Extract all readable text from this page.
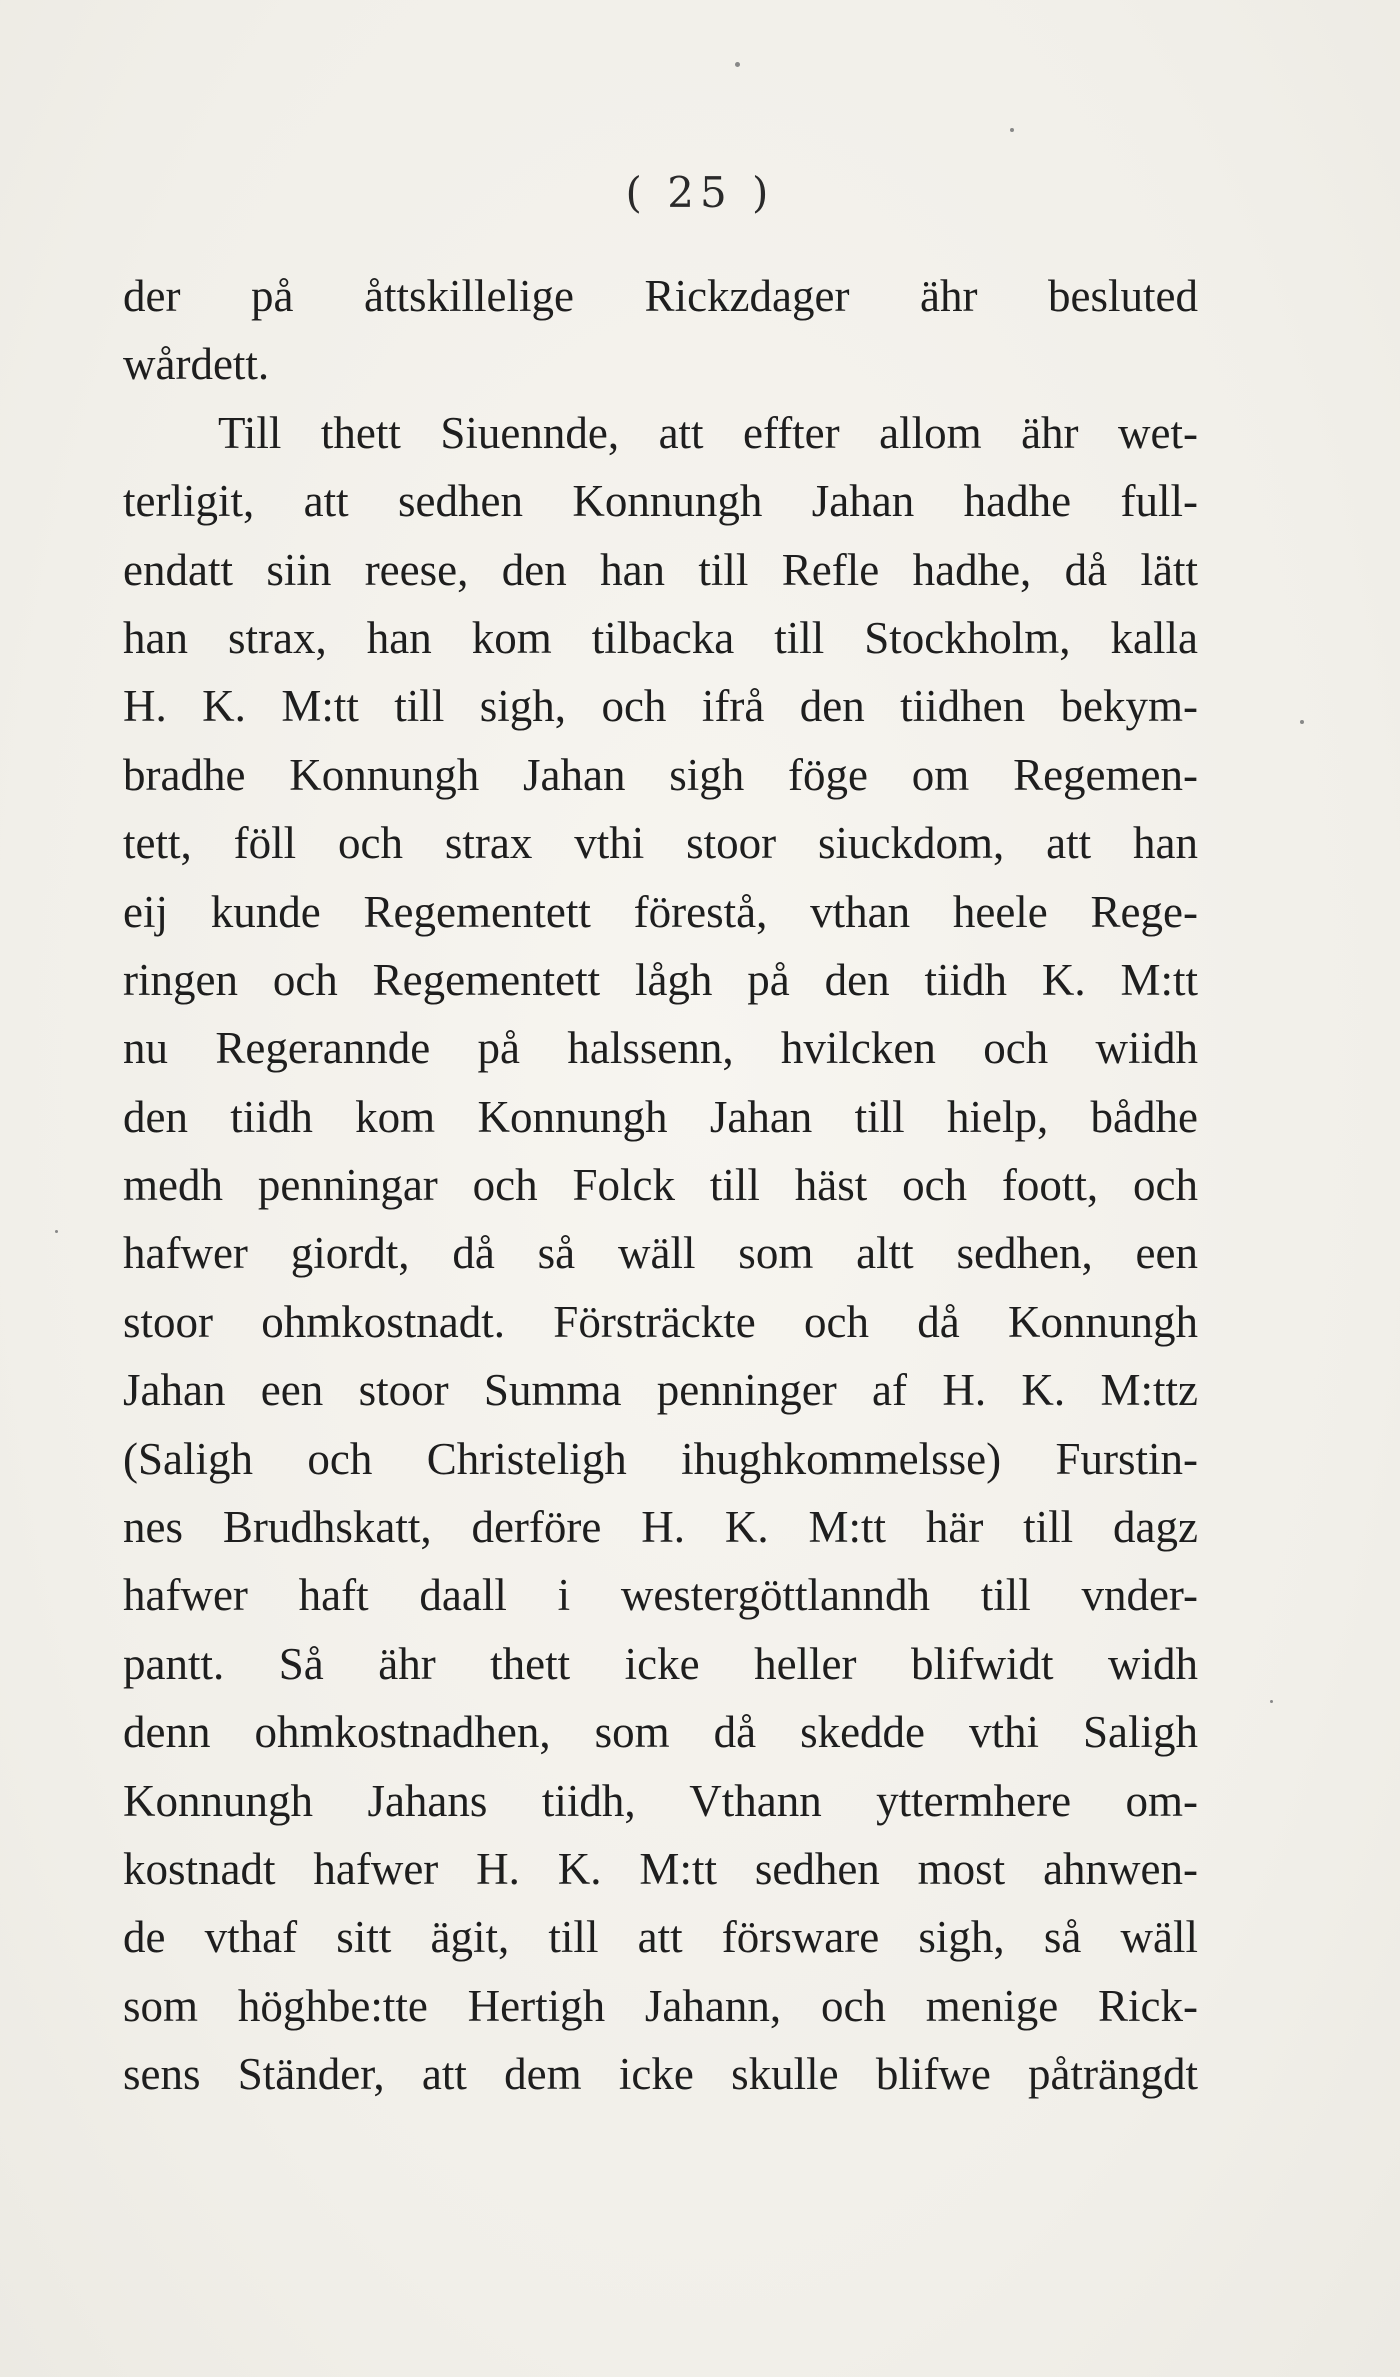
( 25 )
der på åttskillelige Rickzdager ähr besluted
wårdett.
Till thett Siuennde, att effter allom ähr wet-
terligit, att sedhen Konnungh Jahan hadhe full-
endatt siin reese, den han till Refle hadhe, då lätt
han strax, han kom tilbacka till Stockholm, kalla
H. K. M:tt till sigh, och ifrå den tiidhen bekym-
bradhe Konnungh Jahan sigh föge om Regemen-
tett, föll och strax vthi stoor siuckdom, att han
eij kunde Regementett förestå, vthan heele Rege-
ringen och Regementett lågh på den tiidh K. M:tt
nu Regerannde på halssenn, hvilcken och wiidh
den tiidh kom Konnungh Jahan till hielp, bådhe
medh penningar och Folck till häst och foott, och
hafwer giordt, då så wäll som altt sedhen, een
stoor ohmkostnadt. Försträckte och då Konnungh
Jahan een stoor Summa penninger af H. K. M:ttz
(Saligh och Christeligh ihughkommelsse) Furstin-
nes Brudhskatt, derföre H. K. M:tt här till dagz
hafwer haft daall i westergöttlanndh till vnder-
pantt. Så ähr thett icke heller blifwidt widh
denn ohmkostnadhen, som då skedde vthi Saligh
Konnungh Jahans tiidh, Vthann yttermhere om-
kostnadt hafwer H. K. M:tt sedhen most ahnwen-
de vthaf sitt ägit, till att försware sigh, så wäll
som höghbe:tte Hertigh Jahann, och menige Rick-
sens Ständer, att dem icke skulle blifwe påträngdt
